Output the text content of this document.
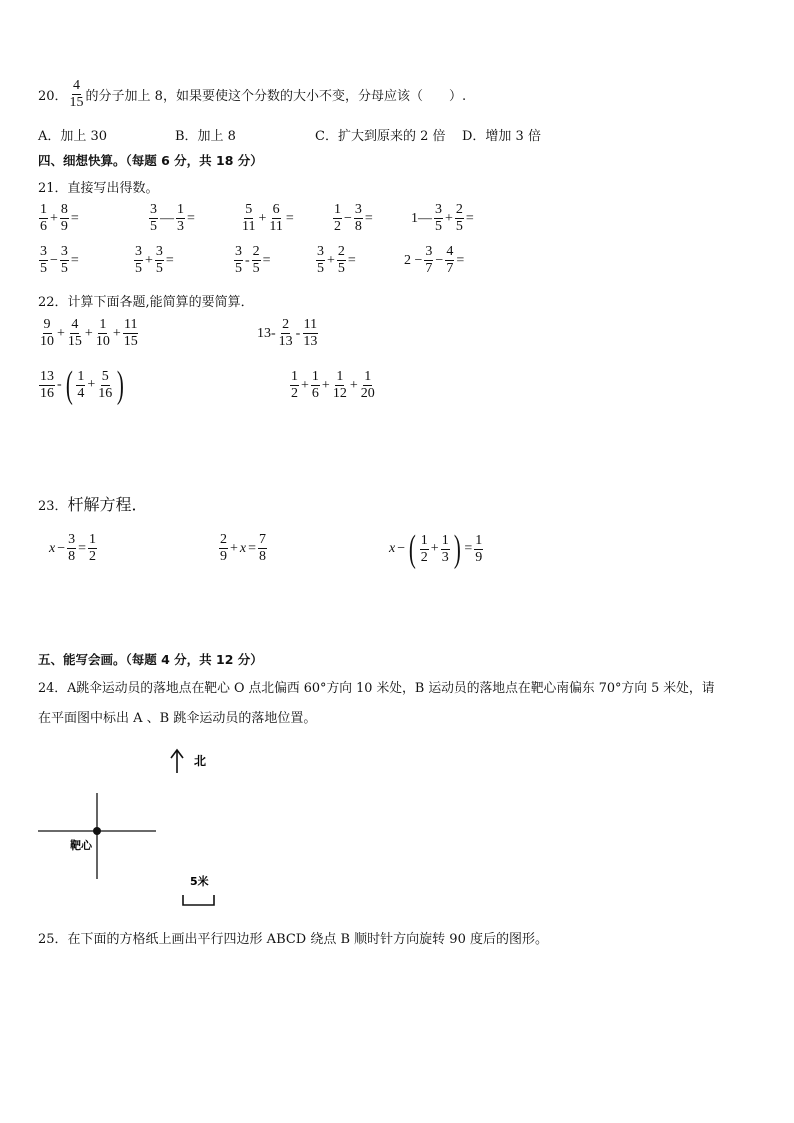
20． $\frac{4}{15}$ 的分子加上 8，如果要使这个分数的大小不变，分母应该（　　）.
A．加上 30	B．加上 8	C．扩大到原来的 2 倍 D．增加 3 倍
四、细想快算。（每题 6 分，共 18 分）
21．直接写出得数。
$\frac{1}{6} + \frac{8}{9}$ =	$\frac{3}{5}$ — $\frac{1}{3}$ =	$\frac{5}{11} + \frac{6}{11}$ =	$\frac{1}{2} - \frac{3}{8}$ =	1— $\frac{3}{5} + \frac{2}{5}$ =
$\frac{3}{5} - \frac{3}{5}$ =	$\frac{3}{5} + \frac{3}{5}$ =	$\frac{3}{5} - \frac{2}{5}$ =	$\frac{3}{5} + \frac{2}{5}$ =	$2 - \frac{3}{7} - \frac{4}{7}$ =
22．计算下面各题,能简算的要简算．
$\frac{9}{10} + \frac{4}{15} + \frac{1}{10} + \frac{11}{15}$	$13- \frac{2}{13} - \frac{11}{13}$
$\frac{13}{16}$ - ( $\frac{1}{4} + \frac{5}{16}$ )	$\frac{1}{2} + \frac{1}{6} + \frac{1}{12} + \frac{1}{20}$
23． 杆解方程．
$x - \frac{3}{8} = \frac{1}{2}$	$\frac{2}{9} + x = \frac{7}{8}$	x − ( $\frac{1}{2} + \frac{1}{3}$ ) = $\frac{1}{9}$
五、能写会画。（每题 4 分，共 12 分）
24．A跳伞运动员的落地点在靶心 O 点北偏西 60°方向 10 米处，B 运动员的落地点在靶心南偏东 70°方向 5 米处，请
在平面图中标出 A 、B 跳伞运动员的落地位置。
北
靶心
5米
25．在下面的方格纸上画出平行四边形 ABCD 绕点 B 顺时针方向旋转 90 度后的图形。
